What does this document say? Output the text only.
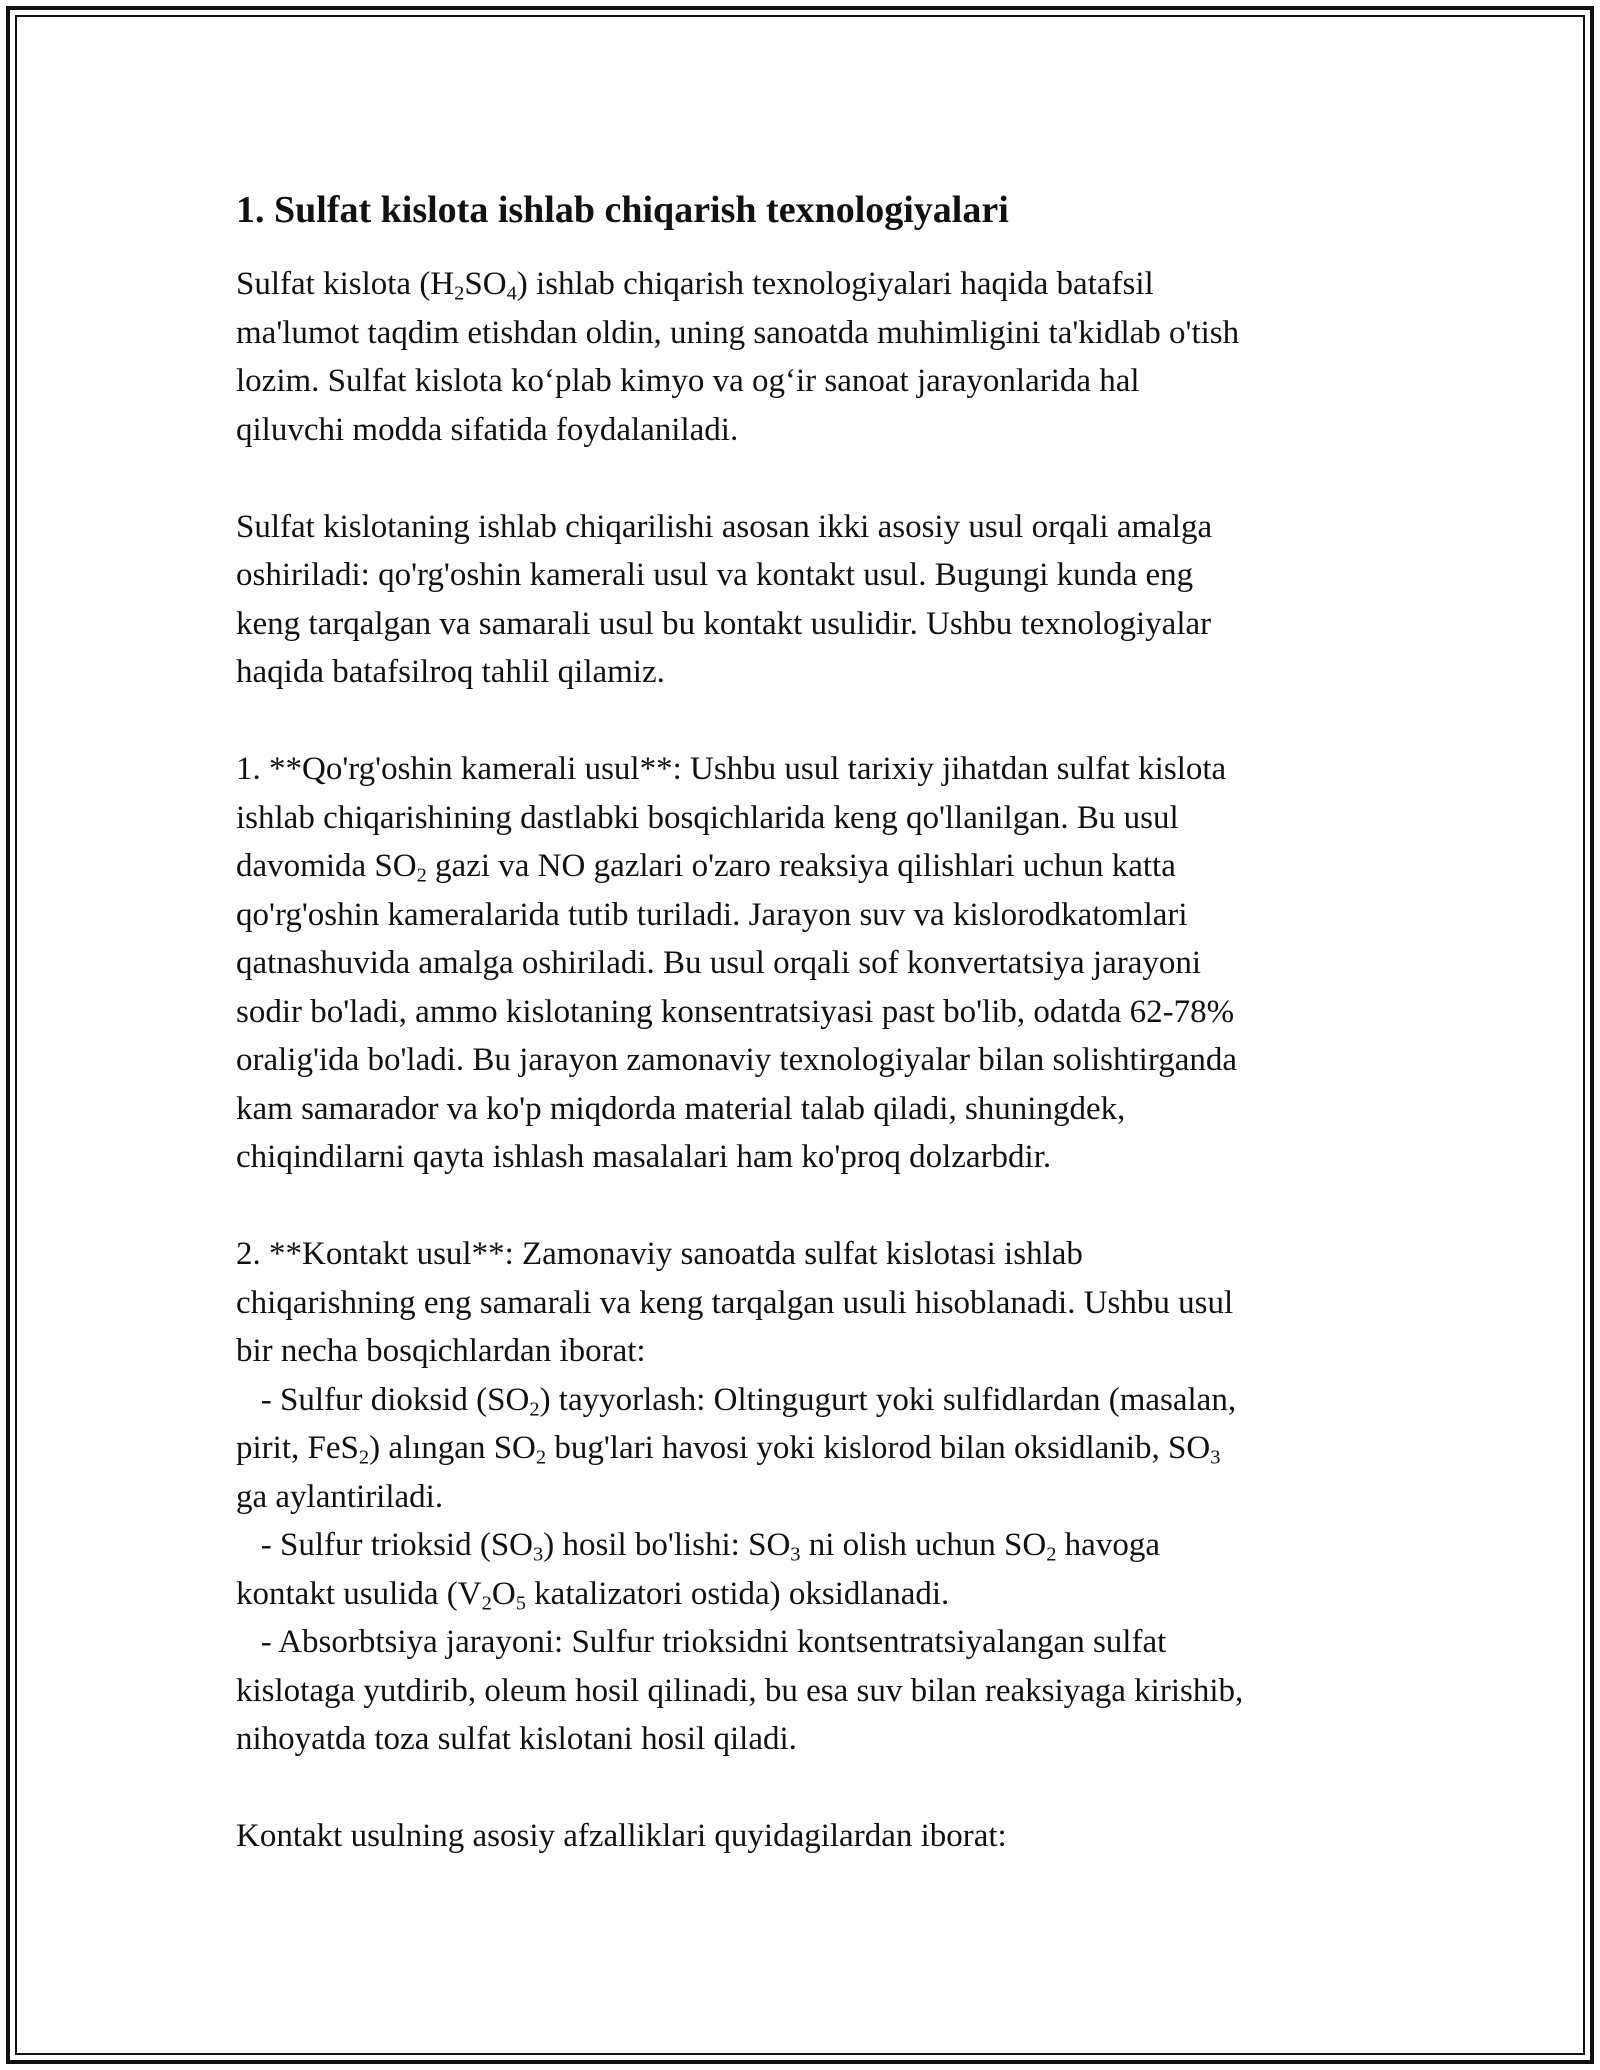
1. Sulfat kislota ishlab chiqarish texnologiyalari

Sulfat kislota $(H_2SO_4)$ ishlab chiqarish texnologiyalari haqida batafsil
ma'lumot taqdim etishdan oldin, uning sanoatda muhimligini ta'kidlab o'tish
lozim. Sulfat kislota ko‘plab kimyo va og‘ir sanoat jarayonlarida hal
qiluvchi modda sifatida foydalaniladi.

Sulfat kislotaning ishlab chiqarilishi asosan ikki asosiy usul orqali amalga
oshiriladi: qo'rg'oshin kamerali usul va kontakt usul. Bugungi kunda eng
keng tarqalgan va samarali usul bu kontakt usulidir. Ushbu texnologiyalar
haqida batafsilroq tahlil qilamiz.

1. **Qo'rg'oshin kamerali usul**: Ushbu usul tarixiy jihatdan sulfat kislota
ishlab chiqarishining dastlabki bosqichlarida keng qo'llanilgan. Bu usul
davomida $SO_2$ gazi va NO gazlari o'zaro reaksiya qilishlari uchun katta
qo'rg'oshin kameralarida tutib turiladi. Jarayon suv va kislorodkatomlari
qatnashuvida amalga oshiriladi. Bu usul orqali sof konvertatsiya jarayoni
sodir bo'ladi, ammo kislotaning konsentratsiyasi past bo'lib, odatda 62-78%
oralig'ida bo'ladi. Bu jarayon zamonaviy texnologiyalar bilan solishtirganda
kam samarador va ko'p miqdorda material talab qiladi, shuningdek,
chiqindilarni qayta ishlash masalalari ham ko'proq dolzarbdir.

2. **Kontakt usul**: Zamonaviy sanoatda sulfat kislotasi ishlab
chiqarishning eng samarali va keng tarqalgan usuli hisoblanadi. Ushbu usul
bir necha bosqichlardan iborat:
- Sulfur dioksid $(SO_2)$ tayyorlash: Oltingugurt yoki sulfidlardan (masalan,
pirit, FeS$_2$) alıngan $SO_2$ bug'lari havosi yoki kislorod bilan oksidlanib, $SO_3$
ga aylantiriladi.
- Sulfur trioksid $(SO_3)$ hosil bo'lishi: $SO_3$ ni olish uchun $SO_2$ havoga
kontakt usulida ($V_2O_5$ katalizatori ostida) oksidlanadi.
- Absorbtsiya jarayoni: Sulfur trioksidni kontsentratsiyalangan sulfat
kislotaga yutdirib, oleum hosil qilinadi, bu esa suv bilan reaksiyaga kirishib,
nihoyatda toza sulfat kislotani hosil qiladi.

Kontakt usulning asosiy afzalliklari quyidagilardan iborat:
